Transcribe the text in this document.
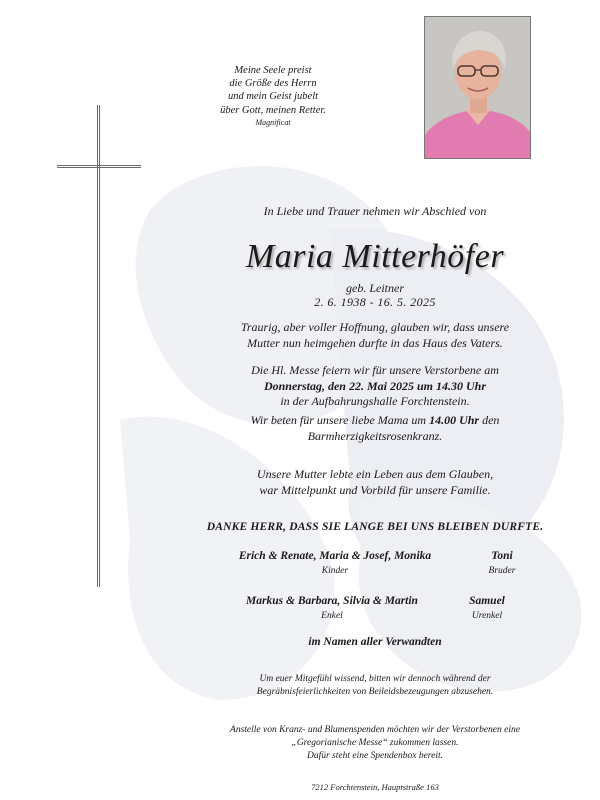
Meine Seele preist
die Größe des Herrn
und mein Geist jubelt
über Gott, meinen Retter.
Magnificat
In Liebe und Trauer nehmen wir Abschied von
Maria Mitterhöfer
geb. Leitner
2. 6. 1938 - 16. 5. 2025
Traurig, aber voller Hoffnung, glauben wir, dass unsere
Mutter nun heimgehen durfte in das Haus des Vaters.
Die Hl. Messe feiern wir für unsere Verstorbene am
Donnerstag, den 22. Mai 2025 um 14.30 Uhr
in der Aufbahrungshalle Forchtenstein.
Wir beten für unsere liebe Mama um 14.00 Uhr den
Barmherzigkeitsrosenkranz.
Unsere Mutter lebte ein Leben aus dem Glauben,
war Mittelpunkt und Vorbild für unsere Familie.
DANKE HERR, DASS SIE LANGE BEI UNS BLEIBEN DURFTE.
Erich & Renate, Maria & Josef, Monika
Kinder
Toni
Bruder
Markus & Barbara, Silvia & Martin
Enkel
Samuel
Urenkel
im Namen aller Verwandten
Um euer Mitgefühl wissend, bitten wir dennoch während der
Begräbnisfeierlichkeiten von Beileidsbezeugungen abzusehen.
Anstelle von Kranz- und Blumenspenden möchten wir der Verstorbenen eine
„Gregorianische Messe“ zukommen lassen.
Dafür steht eine Spendenbox bereit.
7212 Forchtenstein, Hauptstraße 163
